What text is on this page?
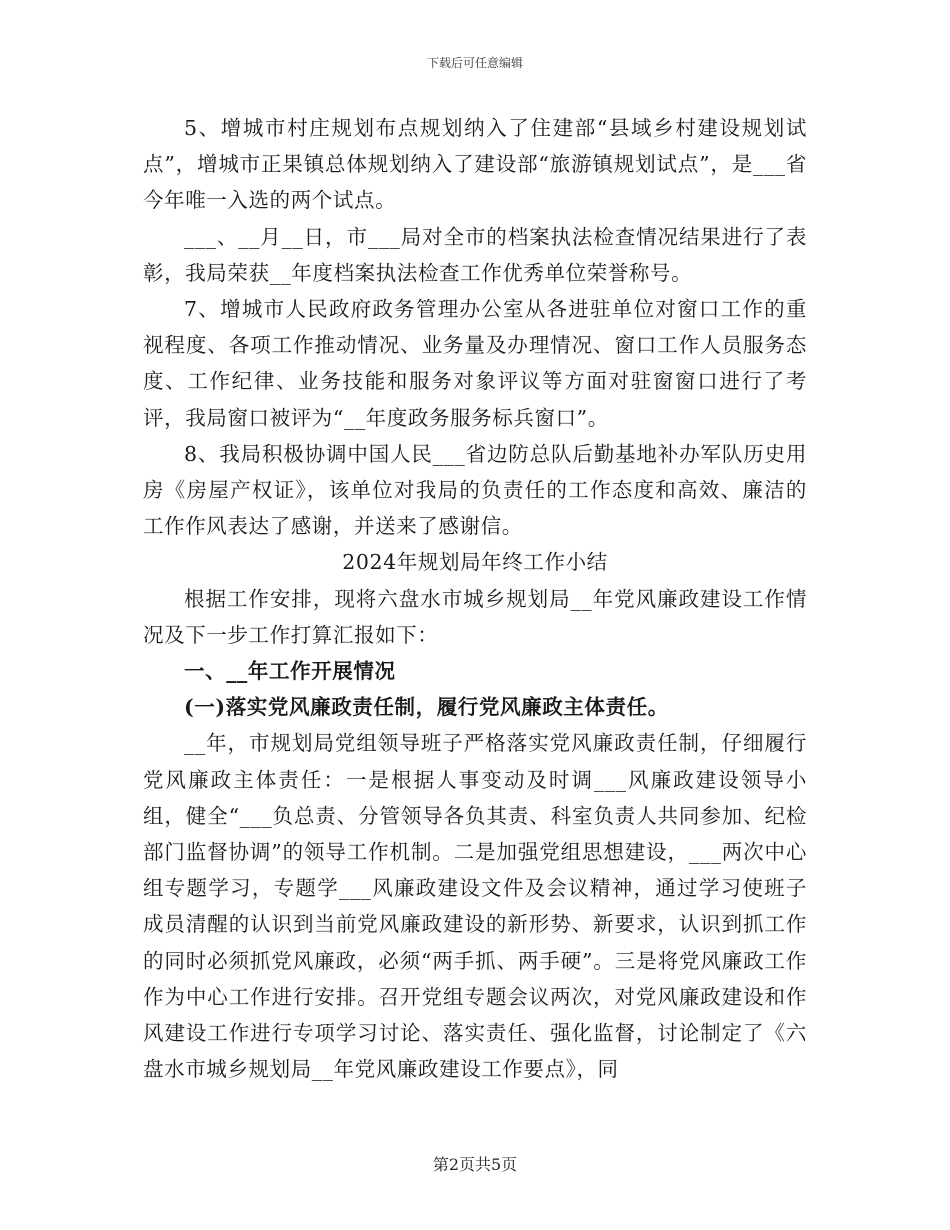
下载后可任意编辑

5、增城市村庄规划布点规划纳入了住建部“县域乡村建设规划试点”，增城市正果镇总体规划纳入了建设部“旅游镇规划试点”，是___省今年唯一入选的两个试点。

___、__月__日，市___局对全市的档案执法检查情况结果进行了表彰，我局荣获__年度档案执法检查工作优秀单位荣誉称号。

7、增城市人民政府政务管理办公室从各进驻单位对窗口工作的重视程度、各项工作推动情况、业务量及办理情况、窗口工作人员服务态度、工作纪律、业务技能和服务对象评议等方面对驻窗窗口进行了考评，我局窗口被评为“__年度政务服务标兵窗口”。

8、我局积极协调中国人民___省边防总队后勤基地补办军队历史用房《房屋产权证》，该单位对我局的负责任的工作态度和高效、廉洁的工作作风表达了感谢，并送来了感谢信。

2024年规划局年终工作小结

根据工作安排，现将六盘水市城乡规划局__年党风廉政建设工作情况及下一步工作打算汇报如下：

一、__年工作开展情况

(一)落实党风廉政责任制，履行党风廉政主体责任。

__年，市规划局党组领导班子严格落实党风廉政责任制，仔细履行党风廉政主体责任：一是根据人事变动及时调___风廉政建设领导小组，健全“___负总责、分管领导各负其责、科室负责人共同参加、纪检部门监督协调”的领导工作机制。二是加强党组思想建设，___两次中心组专题学习，专题学___风廉政建设文件及会议精神，通过学习使班子成员清醒的认识到当前党风廉政建设的新形势、新要求，认识到抓工作的同时必须抓党风廉政，必须“两手抓、两手硬”。三是将党风廉政工作作为中心工作进行安排。召开党组专题会议两次，对党风廉政建设和作风建设工作进行专项学习讨论、落实责任、强化监督，讨论制定了《六盘水市城乡规划局__年党风廉政建设工作要点》，同

第2页共5页
